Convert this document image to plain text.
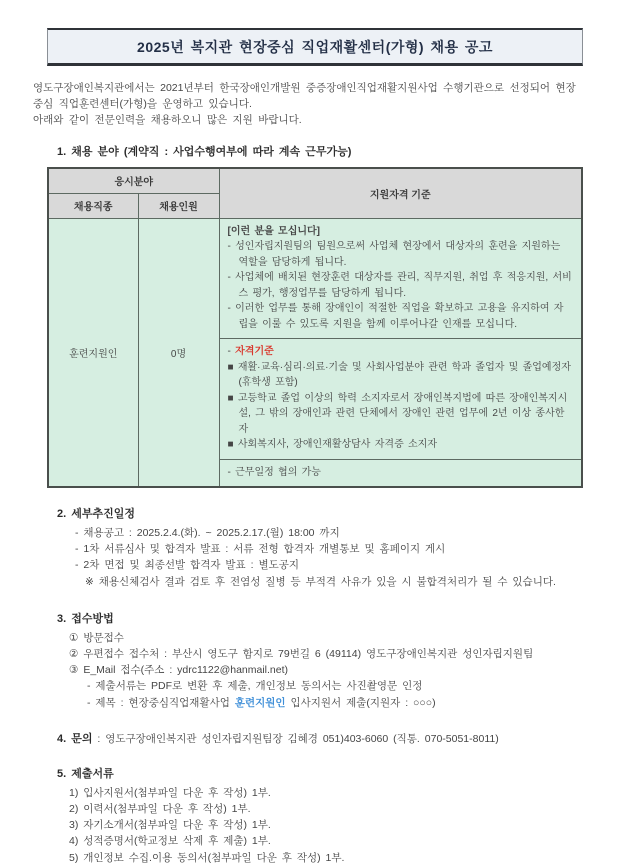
2025년 복지관 현장중심 직업재활센터(가형) 채용 공고

영도구장애인복지관에서는 2021년부터 한국장애인개발원 중증장애인직업재활지원사업 수행기관으로 선정되어 현장중심 직업훈련센터(가형)을 운영하고 있습니다.

아래와 같이 전문인력을 채용하오니 많은 지원 바랍니다.

1. 채용 분야 (계약직 : 사업수행여부에 따라 계속 근무가능)
응시분야		지원자격 기준
채용직종	채용인원	
훈련지원인	0명	[이런 분을 모십니다]
- 성인자립지원팀의 팀원으로써 사업체 현장에서 대상자의 훈련을 지원하는 역할을 담당하게 됩니다.
- 사업체에 배치된 현장훈련 대상자를 관리, 직무지원, 취업 후 적응지원, 서비스 평가, 행정업무를 담당하게 됩니다.
- 이러한 업무를 통해 장애인이 적절한 직업을 확보하고 고용을 유지하여 자립을 이룰 수 있도록 지원을 함께 이루어나갈 인재를 모십니다.

		- 자격기준
■ 재활·교육·심리·의료·기술 및 사회사업분야 관련 학과 졸업자 및 졸업예정자(휴학생 포함)
■ 고등학교 졸업 이상의 학력 소지자로서 장애인복지법에 따른 장애인복지시설, 그 밖의 장애인과 관련 단체에서 장애인 관련 업무에 2년 이상 종사한 자
■ 사회복지사, 장애인재활상담사 자격증 소지자

		- 근무일정 협의 가능
2. 세부추진일정
- 채용공고 : 2025.2.4.(화). ~ 2025.2.17.(월) 18:00 까지
- 1차 서류심사 및 합격자 발표 : 서류 전형 합격자 개별통보 및 홈페이지 게시
- 2차 면접 및 최종선발 합격자 발표 : 별도공지
※ 채용신체검사 결과 검토 후 전염성 질병 등 부적격 사유가 있을 시 불합격처리가 될 수 있습니다.
3. 접수방법
① 방문접수
② 우편접수 접수처 : 부산시 영도구 함지로 79번길 6 (49114) 영도구장애인복지관 성인자립지원팀
③ E_Mail 접수(주소 : ydrc1122@hanmail.net)
- 제출서류는 PDF로 변환 후 제출, 개인정보 동의서는 사진촬영문 인정
- 제목 : 현장중심직업재활사업 훈련지원인 입사지원서 제출(지원자 : ○○○)
4. 문의 : 영도구장애인복지관 성인자립지원팀장 김혜경 051)403-6060 (직통. 070-5051-8011)
5. 제출서류
1) 입사지원서(첨부파일 다운 후 작성) 1부.
2) 이력서(첨부파일 다운 후 작성) 1부.
3) 자기소개서(첨부파일 다운 후 작성) 1부.
4) 성적증명서(학교정보 삭제 후 제출) 1부.
5) 개인정보 수집.이용 동의서(첨부파일 다운 후 작성) 1부.
